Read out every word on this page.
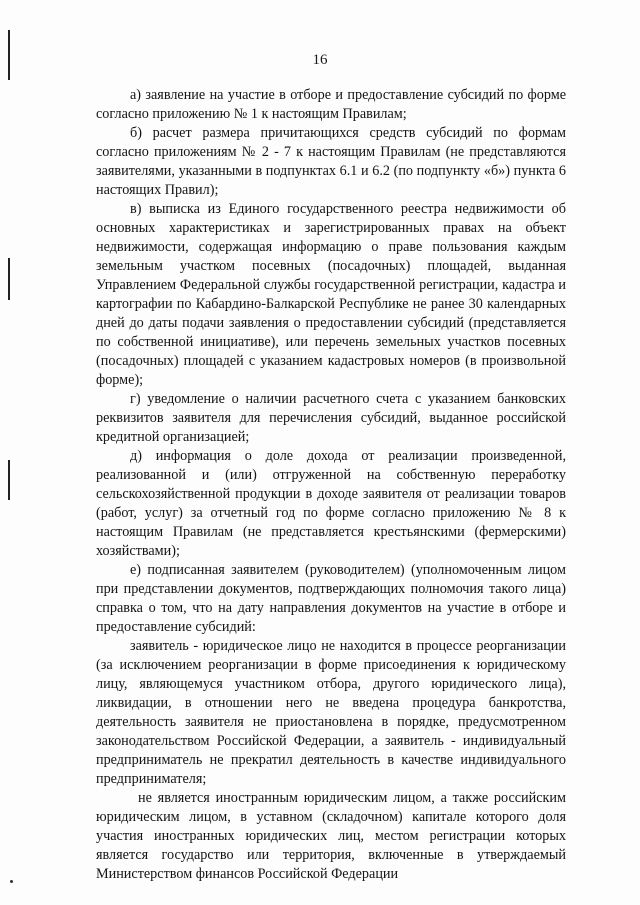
16

а) заявление на участие в отборе и предоставление субсидий по форме согласно приложению № 1 к настоящим Правилам;

б) расчет размера причитающихся средств субсидий по формам согласно приложениям № 2 - 7 к настоящим Правилам (не представляются заявителями, указанными в подпунктах 6.1 и 6.2 (по подпункту «б») пункта 6 настоящих Правил);

в) выписка из Единого государственного реестра недвижимости об основных характеристиках и зарегистрированных правах на объект недвижимости, содержащая информацию о праве пользования каждым земельным участком посевных (посадочных) площадей, выданная Управлением Федеральной службы государственной регистрации, кадастра и картографии по Кабардино-Балкарской Республике не ранее 30 календарных дней до даты подачи заявления о предоставлении субсидий (представляется по собственной инициативе), или перечень земельных участков посевных (посадочных) площадей с указанием кадастровых номеров (в произвольной форме);

г) уведомление о наличии расчетного счета с указанием банковских реквизитов заявителя для перечисления субсидий, выданное российской кредитной организацией;

д) информация о доле дохода от реализации произведенной, реализованной и (или) отгруженной на собственную переработку сельскохозяйственной продукции в доходе заявителя от реализации товаров (работ, услуг) за отчетный год по форме согласно приложению № 8 к настоящим Правилам (не представляется крестьянскими (фермерскими) хозяйствами);

е) подписанная заявителем (руководителем) (уполномоченным лицом при представлении документов, подтверждающих полномочия такого лица) справка о том, что на дату направления документов на участие в отборе и предоставление субсидий:

заявитель - юридическое лицо не находится в процессе реорганизации (за исключением реорганизации в форме присоединения к юридическому лицу, являющемуся участником отбора, другого юридического лица), ликвидации, в отношении него не введена процедура банкротства, деятельность заявителя не приостановлена в порядке, предусмотренном законодательством Российской Федерации, а заявитель - индивидуальный предприниматель не прекратил деятельность в качестве индивидуального предпринимателя;

не является иностранным юридическим лицом, а также российским юридическим лицом, в уставном (складочном) капитале которого доля участия иностранных юридических лиц, местом регистрации которых является государство или территория, включенные в утверждаемый Министерством финансов Российской Федерации
